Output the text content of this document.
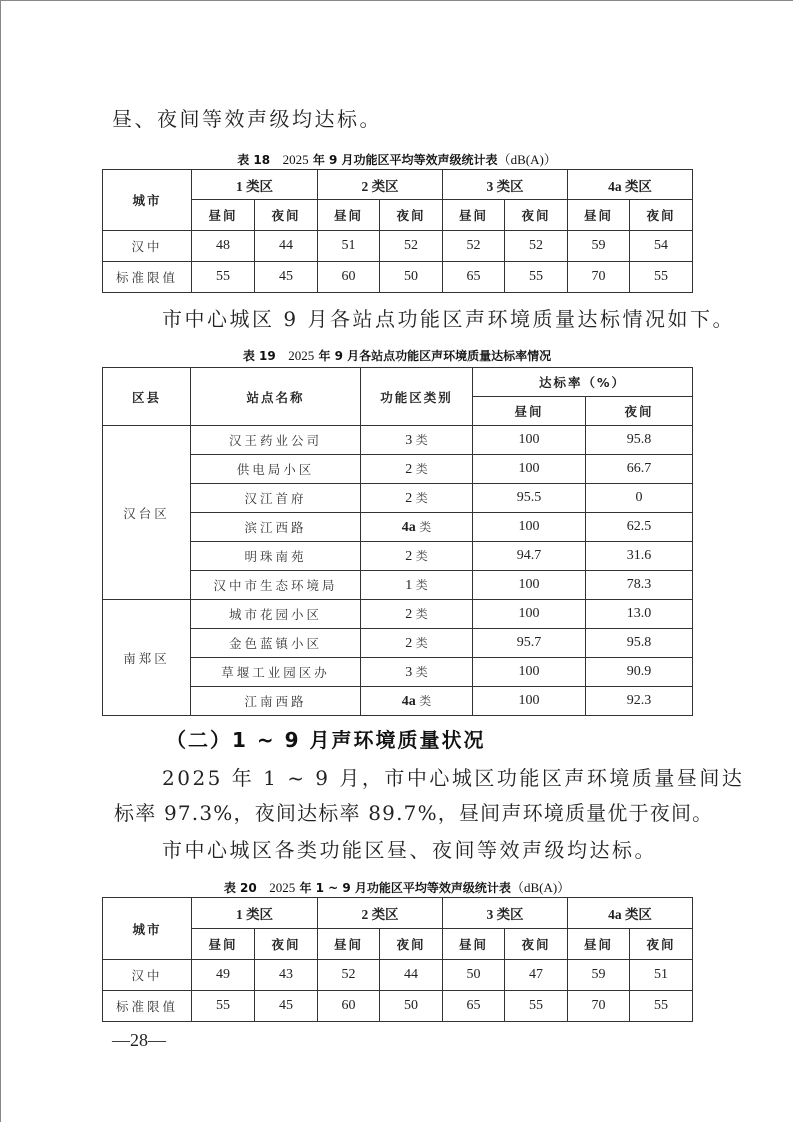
昼、夜间等效声级均达标。
表 18 2025 年 9 月功能区平均等效声级统计表（dB(A)）
城市	1 类区		2 类区		3 类区		4a 类区	
	昼间	夜间	昼间	夜间	昼间	夜间	昼间	夜间
汉中	48	44	51	52	52	52	59	54
标准限值	55	45	60	50	65	55	70	55
市中心城区 9 月各站点功能区声环境质量达标情况如下。
表 19 2025 年 9 月各站点功能区声环境质量达标率情况
区县	站点名称	功能区类别	达标率（%）	
			昼间	夜间
汉台区	汉王药业公司	3 类	100	95.8
	供电局小区	2 类	100	66.7
	汉江首府	2 类	95.5	0
	滨江西路	4a 类	100	62.5
	明珠南苑	2 类	94.7	31.6
	汉中市生态环境局	1 类	100	78.3
南郑区	城市花园小区	2 类	100	13.0
	金色蓝镇小区	2 类	95.7	95.8
	草堰工业园区办	3 类	100	90.9
	江南西路	4a 类	100	92.3
（二）1 ~ 9 月声环境质量状况
2025 年 1 ~ 9 月，市中心城区功能区声环境质量昼间达
标率 97.3%，夜间达标率 89.7%，昼间声环境质量优于夜间。
市中心城区各类功能区昼、夜间等效声级均达标。
表 20 2025 年 1 ~ 9 月功能区平均等效声级统计表（dB(A)）
城市	1 类区		2 类区		3 类区		4a 类区	
	昼间	夜间	昼间	夜间	昼间	夜间	昼间	夜间
汉中	49	43	52	44	50	47	59	51
标准限值	55	45	60	50	65	55	70	55
—28—
